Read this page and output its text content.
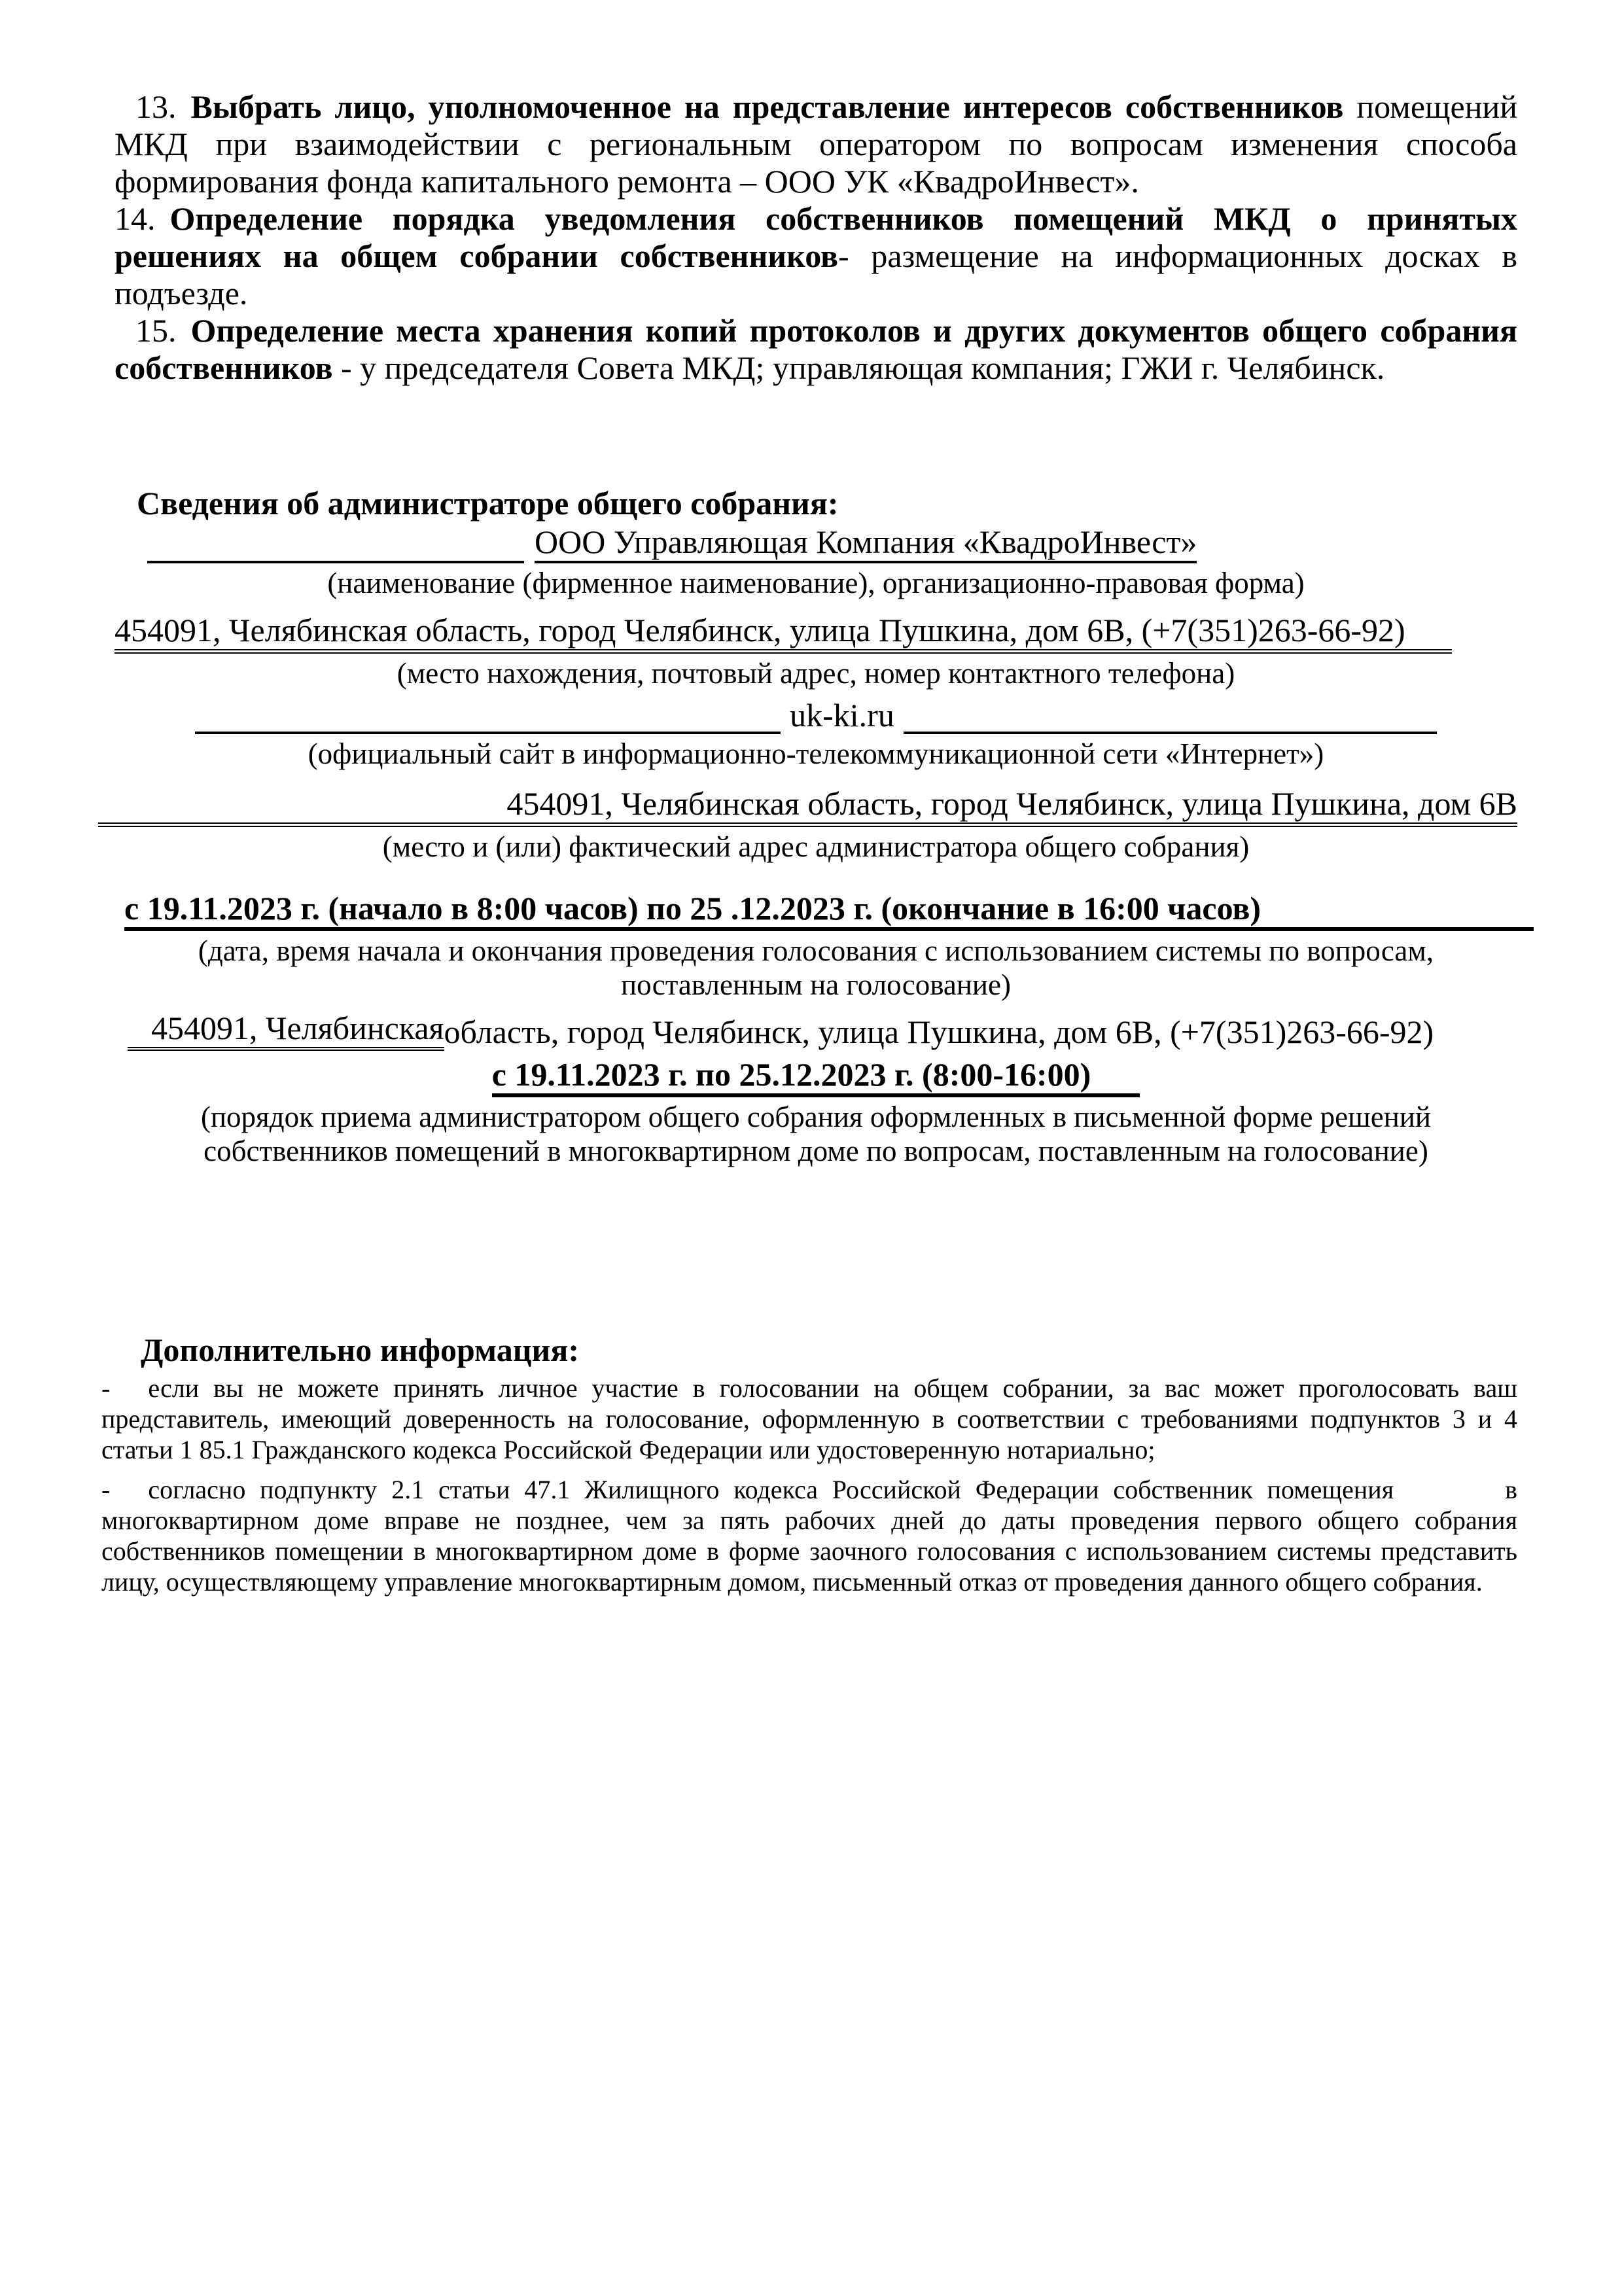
13. Выбрать лицо, уполномоченное на представление интересов собственников помещений МКД при взаимодействии с региональным оператором по вопросам изменения способа формирования фонда капитального ремонта – ООО УК «КвадроИнвест».

14. Определение порядка уведомления собственников помещений МКД о принятых решениях на общем собрании собственников- размещение на информационных досках в подъезде.

15. Определение места хранения копий протоколов и других документов общего собрания собственников - у председателя Совета МКД; управляющая компания; ГЖИ г. Челябинск.

Сведения об администраторе общего собрания:
ООО Управляющая Компания «КвадроИнвест»
(наименование (фирменное наименование), организационно-правовая форма)
454091, Челябинская область, город Челябинск, улица Пушкина, дом 6В, (+7(351)263-66-92)
(место нахождения, почтовый адрес, номер контактного телефона)
uk-ki.ru
(официальный сайт в информационно-телекоммуникационной сети «Интернет»)
454091, Челябинская область, город Челябинск, улица Пушкина, дом 6В
(место и (или) фактический адрес администратора общего собрания)
с 19.11.2023 г. (начало в 8:00 часов) по 25 .12.2023 г. (окончание в 16:00 часов)
(дата, время начала и окончания проведения голосования с использованием системы по вопросам, поставленным на голосование)
454091, Челябинская область, город Челябинск, улица Пушкина, дом 6В, (+7(351)263-66-92)
с 19.11.2023 г. по 25.12.2023 г. (8:00-16:00)
(порядок приема администратором общего собрания оформленных в письменной форме решений собственников помещений в многоквартирном доме по вопросам, поставленным на голосование)
Дополнительно информация:

- если вы не можете принять личное участие в голосовании на общем собрании, за вас может проголосовать ваш представитель, имеющий доверенность на голосование, оформленную в соответствии с требованиями подпунктов 3 и 4 статьи 1 85.1 Гражданского кодекса Российской Федерации или удостоверенную нотариально;

- согласно подпункту 2.1 статьи 47.1 Жилищного кодекса Российской Федерации собственник помещения	в многоквартирном доме вправе не позднее, чем за пять рабочих дней до даты проведения первого общего собрания собственников помещении в многоквартирном доме в форме заочного голосования с использованием системы представить лицу, осуществляющему управление многоквартирным домом, письменный отказ от проведения данного общего собрания.
